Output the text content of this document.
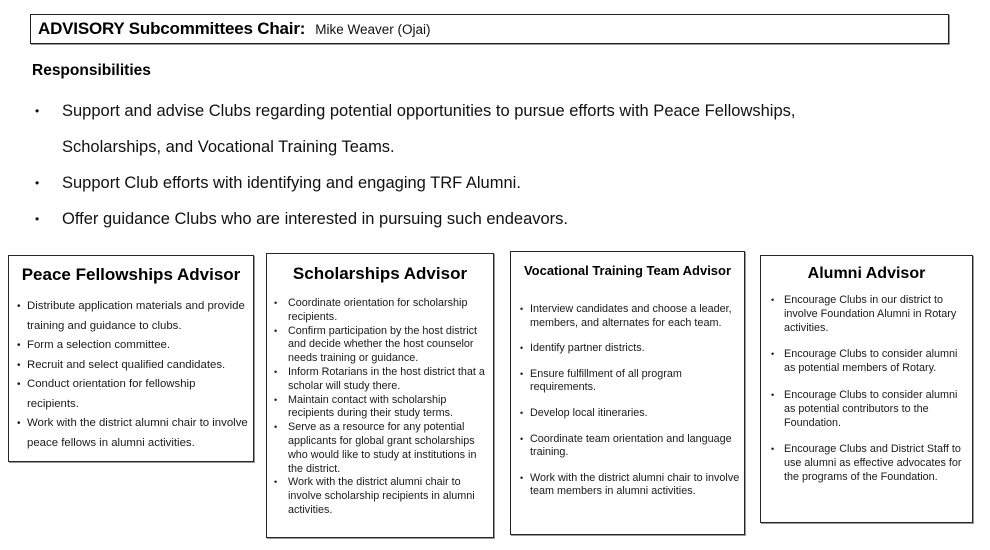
ADVISORY Subcommittees Chair: Mike Weaver (Ojai)
Responsibilities
• Support and advise Clubs regarding potential opportunities to pursue efforts with Peace Fellowships, Scholarships, and Vocational Training Teams.
• Support Club efforts with identifying and engaging TRF Alumni.
• Offer guidance Clubs who are interested in pursuing such endeavors.
Peace Fellowships Advisor
• Distribute application materials and provide training and guidance to clubs.
• Form a selection committee.
• Recruit and select qualified candidates.
• Conduct orientation for fellowship recipients.
• Work with the district alumni chair to involve peace fellows in alumni activities.
Scholarships Advisor
• Coordinate orientation for scholarship recipients.
• Confirm participation by the host district and decide whether the host counselor needs training or guidance.
• Inform Rotarians in the host district that a scholar will study there.
• Maintain contact with scholarship recipients during their study terms.
• Serve as a resource for any potential applicants for global grant scholarships who would like to study at institutions in the district.
• Work with the district alumni chair to involve scholarship recipients in alumni activities.
Vocational Training Team Advisor
• Interview candidates and choose a leader, members, and alternates for each team.
• Identify partner districts.
• Ensure fulfillment of all program requirements.
• Develop local itineraries.
• Coordinate team orientation and language training.
• Work with the district alumni chair to involve team members in alumni activities.
Alumni Advisor
• Encourage Clubs in our district to involve Foundation Alumni in Rotary activities.
• Encourage Clubs to consider alumni as potential members of Rotary.
• Encourage Clubs to consider alumni as potential contributors to the Foundation.
• Encourage Clubs and District Staff to use alumni as effective advocates for the programs of the Foundation.
